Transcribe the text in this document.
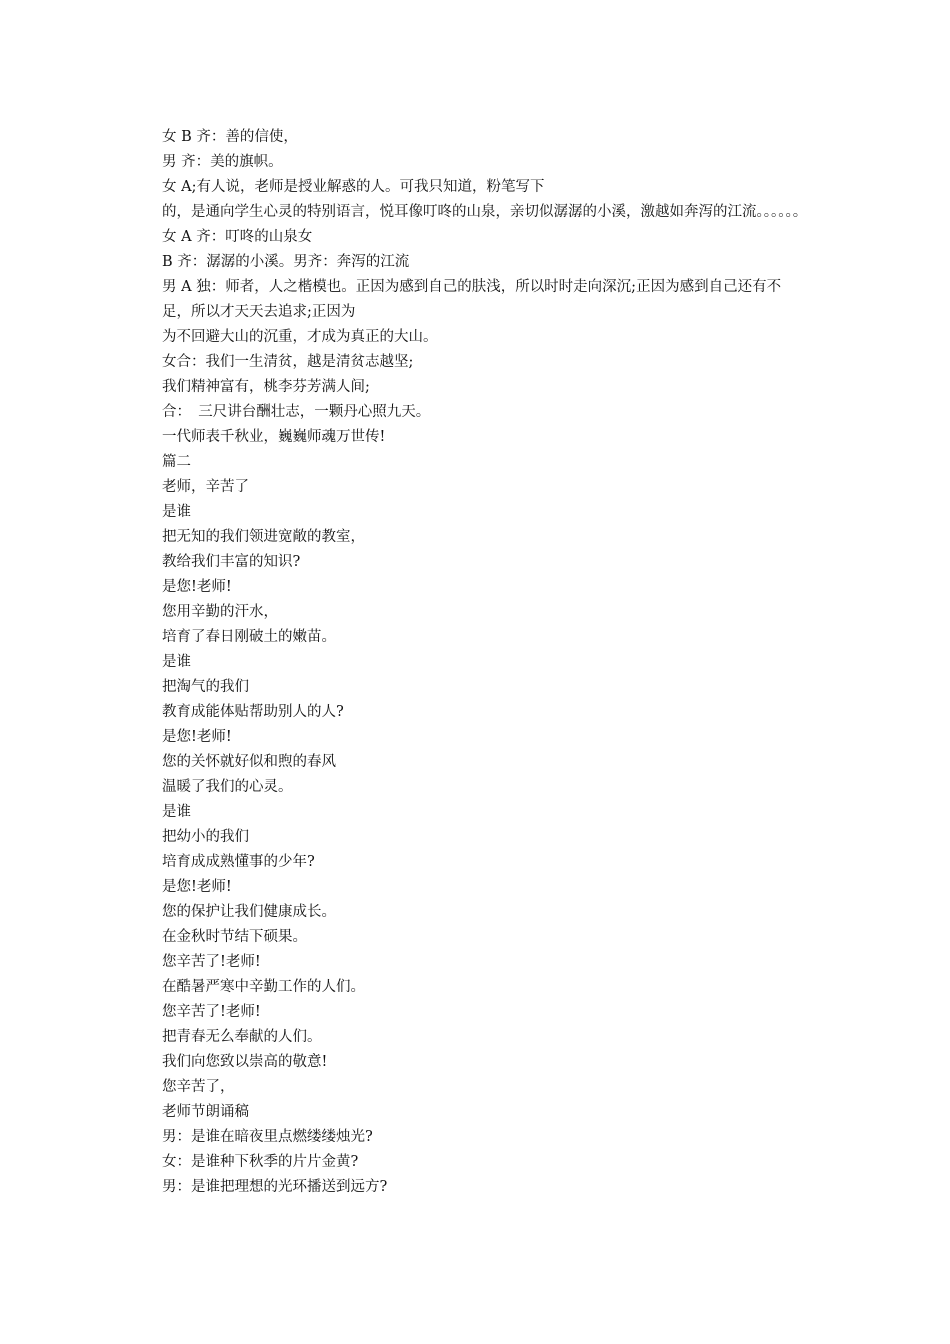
女 B 齐：善的信使，

男 齐：美的旗帜。

女 A;有人说，老师是授业解惑的人。可我只知道，粉笔写下

的，是通向学生心灵的特别语言，悦耳像叮咚的山泉，亲切似潺潺的小溪，激越如奔泻的江流。。。。。。

女 A 齐：叮咚的山泉女

B 齐：潺潺的小溪。男齐：奔泻的江流

男 A 独：师者，人之楷模也。正因为感到自己的肤浅，所以时时走向深沉;正因为感到自己还有不足，所以才天天去追求;正因为

为不回避大山的沉重，才成为真正的大山。

女合：我们一生清贫，越是清贫志越坚;

我们精神富有，桃李芬芳满人间;

合：　三尺讲台酬壮志，一颗丹心照九天。

一代师表千秋业，巍巍师魂万世传!

篇二

老师，辛苦了

是谁

把无知的我们领进宽敞的教室，

教给我们丰富的知识?

是您!老师!

您用辛勤的汗水，

培育了春日刚破土的嫩苗。

是谁

把淘气的我们

教育成能体贴帮助别人的人?

是您!老师!

您的关怀就好似和煦的春风

温暖了我们的心灵。

是谁

把幼小的我们

培育成成熟懂事的少年?

是您!老师!

您的保护让我们健康成长。

在金秋时节结下硕果。

您辛苦了!老师!

在酷暑严寒中辛勤工作的人们。

您辛苦了!老师!

把青春无么奉献的人们。

我们向您致以崇高的敬意!

您辛苦了，

老师节朗诵稿

男：是谁在暗夜里点燃缕缕烛光?

女：是谁种下秋季的片片金黄?

男：是谁把理想的光环播送到远方?
